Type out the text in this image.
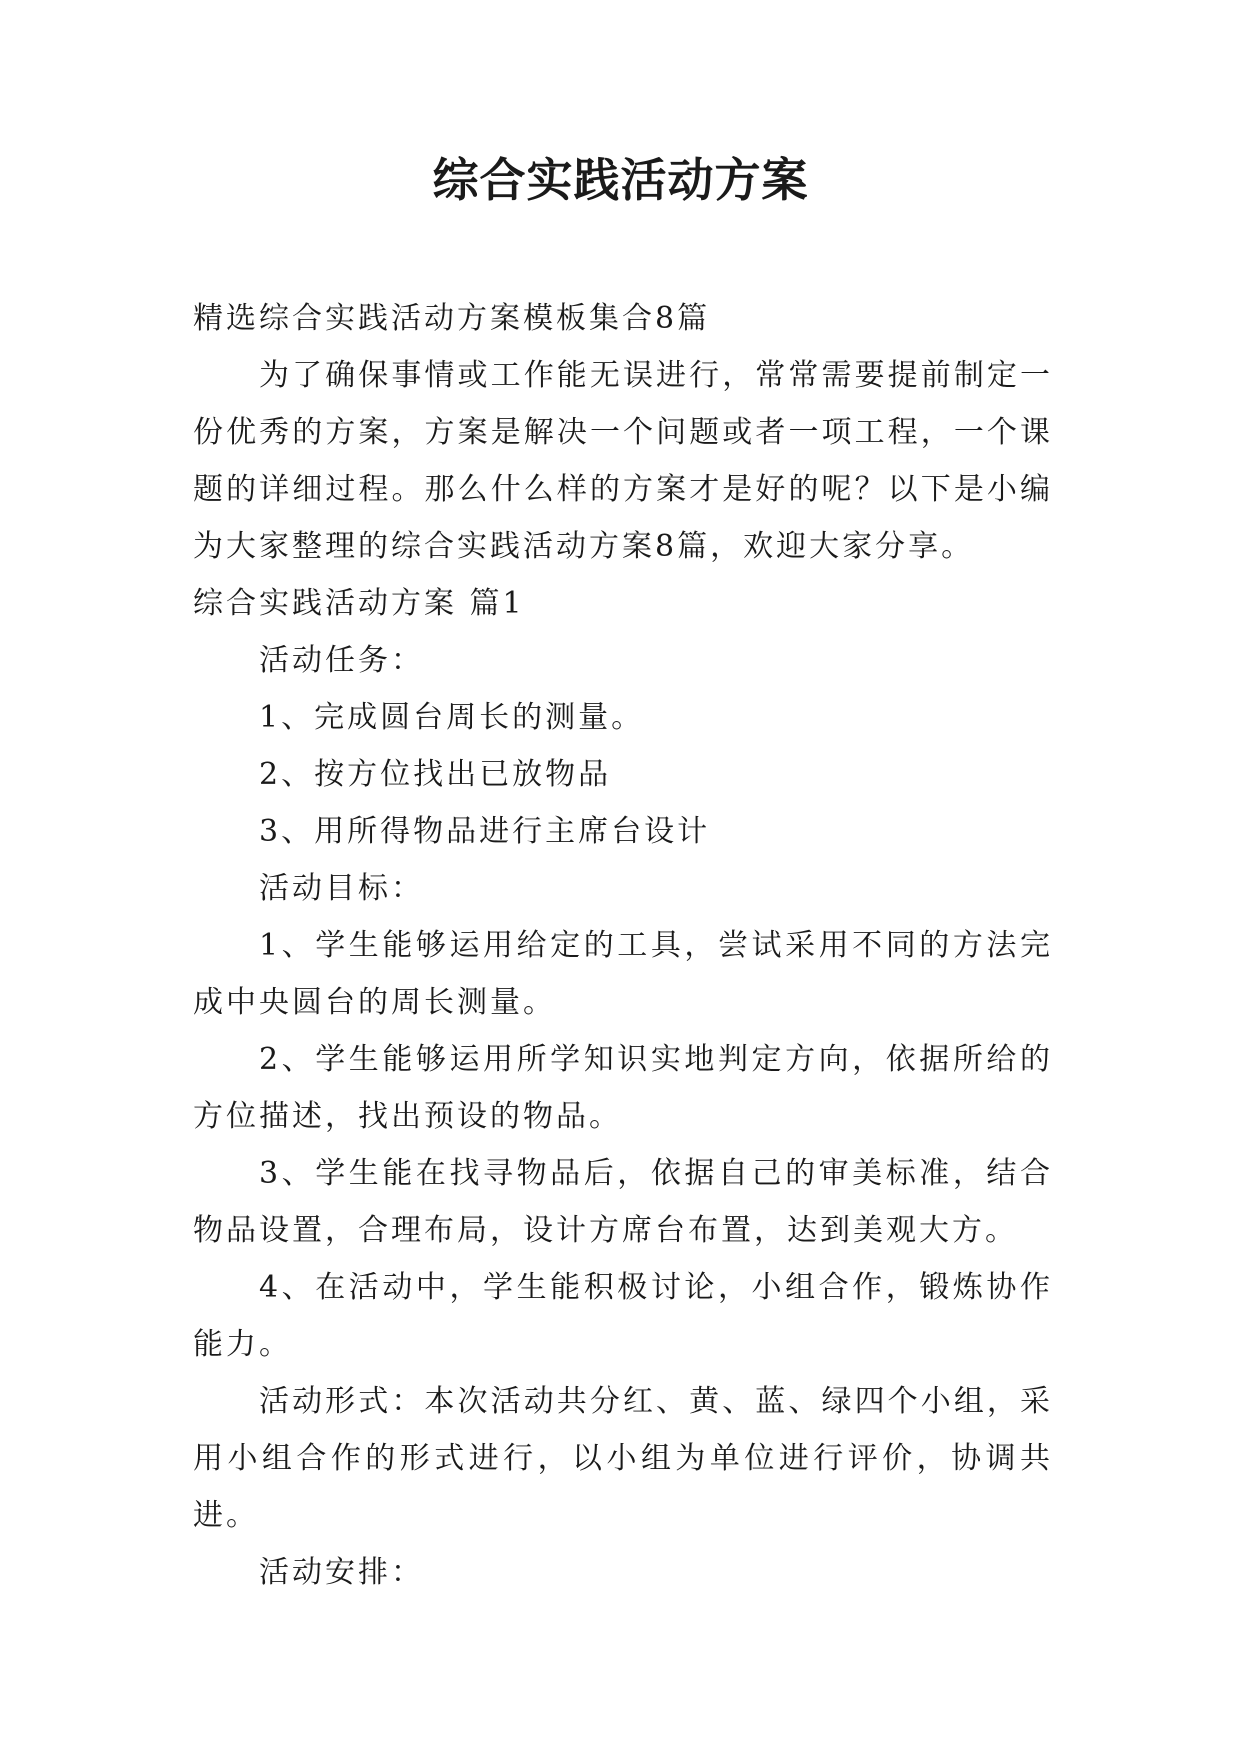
综合实践活动方案

精选综合实践活动方案模板集合8篇

为了确保事情或工作能无误进行，常常需要提前制定一份优秀的方案，方案是解决一个问题或者一项工程，一个课题的详细过程。那么什么样的方案才是好的呢？以下是小编为大家整理的综合实践活动方案8篇，欢迎大家分享。

综合实践活动方案 篇1

活动任务：

1、完成圆台周长的测量。

2、按方位找出已放物品

3、用所得物品进行主席台设计

活动目标：

1、学生能够运用给定的工具，尝试采用不同的方法完成中央圆台的周长测量。

2、学生能够运用所学知识实地判定方向，依据所给的方位描述，找出预设的物品。

3、学生能在找寻物品后，依据自己的审美标准，结合物品设置，合理布局，设计方席台布置，达到美观大方。

4、在活动中，学生能积极讨论，小组合作，锻炼协作能力。

活动形式：本次活动共分红、黄、蓝、绿四个小组，采用小组合作的形式进行，以小组为单位进行评价，协调共进。

活动安排：
